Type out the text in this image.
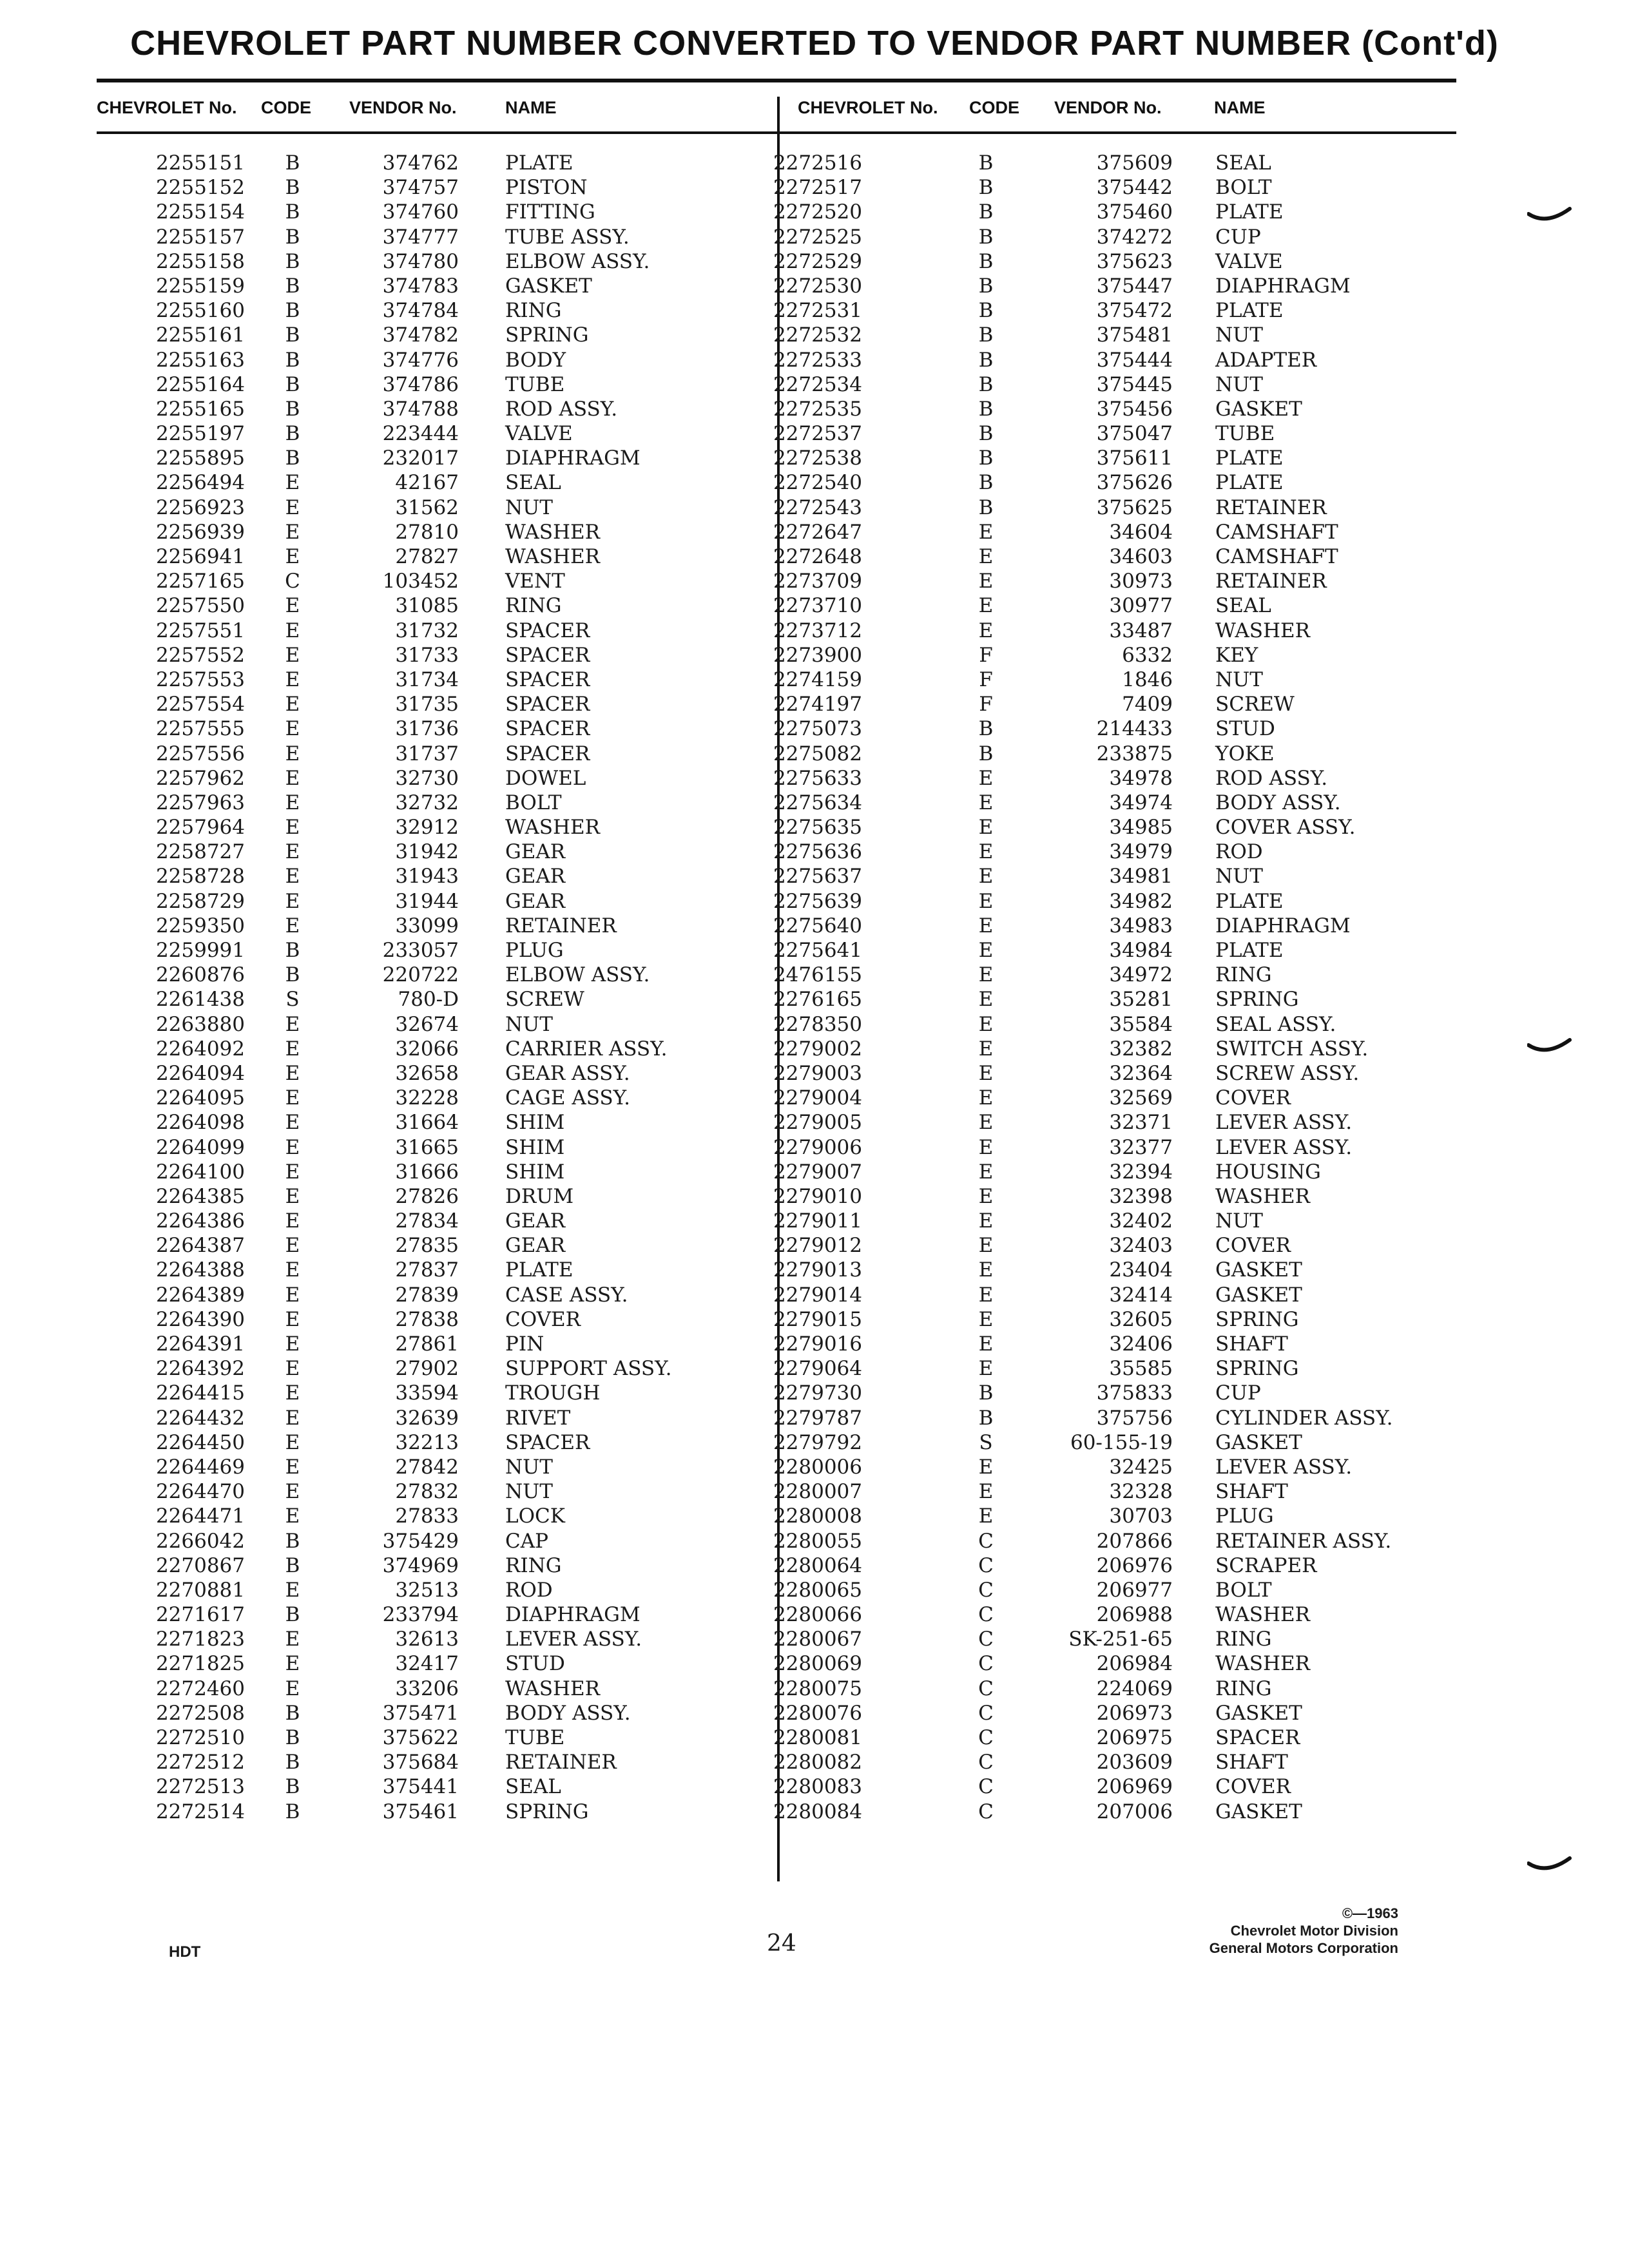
CHEVROLET PART NUMBER CONVERTED TO VENDOR PART NUMBER (Cont'd)
CHEVROLET No. CODE VENDOR No.	NAME	CHEVROLET No. CODE VENDOR No.	NAME
2255151 B	374762 PLATE
2255152 B	374757 PISTON
2255154 B	374760 FITTING
2255157 B	374777 TUBE ASSY.
2255158 B	374780 ELBOW ASSY.
2255159 B	374783 GASKET
2255160 B	374784 RING
2255161 B	374782 SPRING
2255163 B	374776 BODY
2255164 B	374786 TUBE
2255165 B	374788 ROD ASSY.
2255197 B	223444 VALVE
2255895 B	232017 DIAPHRAGM
2256494 E	42167 SEAL
2256923 E	31562 NUT
2256939 E	27810 WASHER
2256941 E	27827 WASHER
2257165 C	103452 VENT
2257550 E	31085 RING
2257551 E	31732 SPACER
2257552 E	31733 SPACER
2257553 E	31734 SPACER
2257554 E	31735 SPACER
2257555 E	31736 SPACER
2257556 E	31737 SPACER
2257962 E	32730 DOWEL
2257963 E	32732 BOLT
2257964 E	32912 WASHER
2258727 E	31942 GEAR
2258728 E	31943 GEAR
2258729 E	31944 GEAR
2259350 E	33099 RETAINER
2259991 B	233057 PLUG
2260876 B	220722 ELBOW ASSY.
2261438	S	780-D SCREW
2263880 E	32674 NUT
2264092 E	32066 CARRIER ASSY.
2264094 E	32658 GEAR ASSY.
2264095 E	32228 CAGE ASSY.
2264098 E	31664 SHIM
2264099 E	31665 SHIM
2264100 E	31666 SHIM
2264385 E	27826 DRUM
2264386 E	27834 GEAR
2264387 E	27835 GEAR
2264388 E	27837 PLATE
2264389 E	27839 CASE ASSY.
2264390 E	27838 COVER
2264391 E	27861 PIN
2264392 E	27902 SUPPORT ASSY.
2264415 E	33594 TROUGH
2264432 E	32639 RIVET
2264450 E	32213 SPACER
2264469 E	27842 NUT
2264470 E	27832 NUT
2264471 E	27833 LOCK
2266042 B	375429 CAP
2270867 B	374969 RING
2270881 E	32513 ROD
2271617 B	233794 DIAPHRAGM
2271823 E	32613 LEVER ASSY.
2271825 E	32417 STUD
2272460 E	33206 WASHER
2272508 B	375471 BODY ASSY.
2272510 B	375622 TUBE
2272512 B	375684 RETAINER
2272513 B	375441 SEAL
2272514 B	375461 SPRING
2272516	B	375609 SEAL
2272517	B	375442 BOLT
2272520	B	375460 PLATE
2272525	B	374272 CUP
2272529	B	375623 VALVE
2272530	B	375447 DIAPHRAGM
2272531	B	375472 PLATE
2272532	B	375481 NUT
2272533	B	375444 ADAPTER
2272534	B	375445 NUT
2272535	B	375456 GASKET
2272537	B	375047 TUBE
2272538	B	375611 PLATE
2272540	B	375626 PLATE
2272543	B	375625 RETAINER
2272647	E	34604 CAMSHAFT
2272648	E	34603 CAMSHAFT
2273709	E	30973 RETAINER
2273710	E	30977 SEAL
2273712	E	33487 WASHER
2273900	F	6332 KEY
2274159	F	1846 NUT
2274197	F	7409 SCREW
2275073	B	214433 STUD
2275082	B	233875 YOKE
2275633	E	34978 ROD ASSY.
2275634	E	34974 BODY ASSY.
2275635	E	34985 COVER ASSY.
2275636	E	34979 ROD
2275637	E	34981 NUT
2275639	E	34982 PLATE
2275640	E	34983 DIAPHRAGM
2275641	E	34984 PLATE
2476155	E	34972 RING
2276165	E	35281 SPRING
2278350	E	35584 SEAL ASSY.
2279002	E	32382 SWITCH ASSY.
2279003	E	32364 SCREW ASSY.
2279004	E	32569 COVER
2279005	E	32371 LEVER ASSY.
2279006	E	32377 LEVER ASSY.
2279007	E	32394 HOUSING
2279010	E	32398 WASHER
2279011	E	32402 NUT
2279012	E	32403 COVER
2279013	E	23404 GASKET
2279014	E	32414 GASKET
2279015	E	32605 SPRING
2279016	E	32406 SHAFT
2279064	E	35585 SPRING
2279730	B	375833 CUP
2279787	B	375756 CYLINDER ASSY.
2279792	S	60-155-19 GASKET
2280006	E	32425 LEVER ASSY.
2280007	E	32328 SHAFT
2280008	E	30703 PLUG
2280055	C	207866 RETAINER ASSY.
2280064	C	206976 SCRAPER
2280065	C	206977 BOLT
2280066	C	206988 WASHER
2280067	C	SK-251-65 RING
2280069	C	206984 WASHER
2280075	C	224069 RING
2280076	C	206973 GASKET
2280081	C	206975 SPACER
2280082	C	203609 SHAFT
2280083	C	206969 COVER
2280084	C	207006 GASKET
HDT	24
©—1963
Chevrolet Motor Division
General Motors Corporation
